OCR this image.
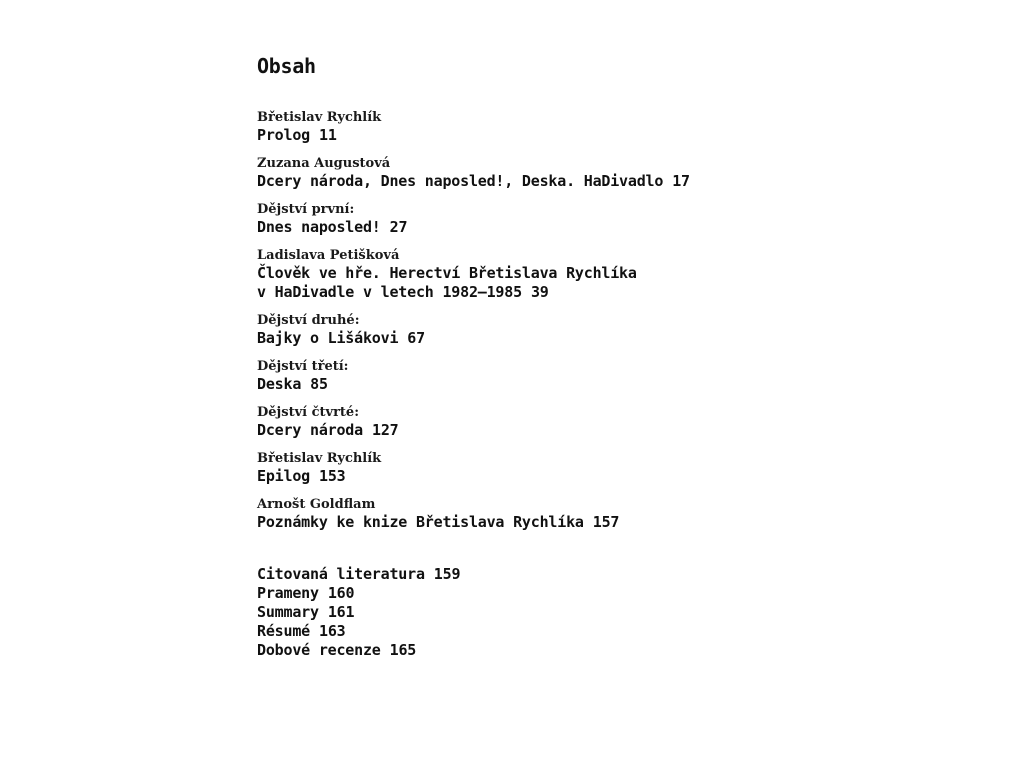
Obsah
Břetislav Rychlík
Prolog 11
Zuzana Augustová
Dcery národa, Dnes naposled!, Deska. HaDivadlo 17
Dějství první:
Dnes naposled! 27
Ladislava Petišková
Člověk ve hře. Herectví Břetislava Rychlíka
v HaDivadle v letech 1982–1985 39
Dějství druhé:
Bajky o Lišákovi 67
Dějství třetí:
Deska 85
Dějství čtvrté:
Dcery národa 127
Břetislav Rychlík
Epilog 153
Arnošt Goldflam
Poznámky ke knize Břetislava Rychlíka 157
Citovaná literatura 159
Prameny 160
Summary 161
Résumé 163
Dobové recenze 165
